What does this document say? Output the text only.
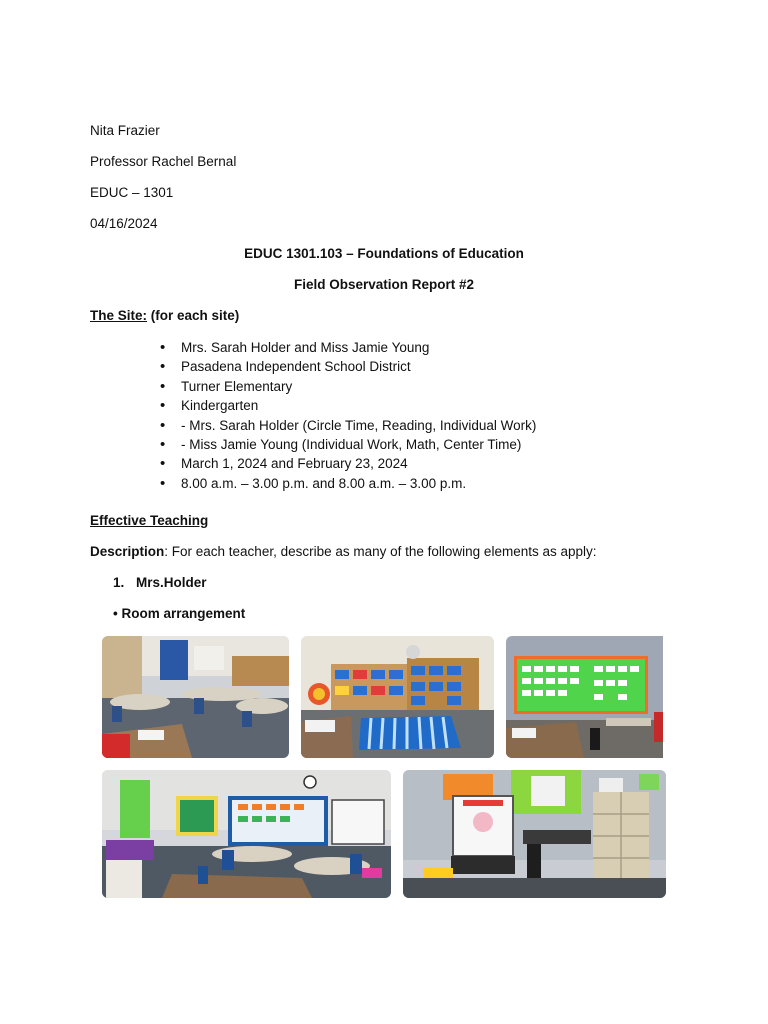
Nita Frazier
Professor Rachel Bernal
EDUC – 1301
04/16/2024
EDUC 1301.103 – Foundations of Education
Field Observation Report #2
The Site: (for each site)
• Mrs. Sarah Holder and Miss Jamie Young
• Pasadena Independent School District
• Turner Elementary
• Kindergarten
• - Mrs. Sarah Holder (Circle Time, Reading, Individual Work)
• - Miss Jamie Young (Individual Work, Math, Center Time)
• March 1, 2024 and February 23, 2024
• 8.00 a.m. – 3.00 p.m. and 8.00 a.m. – 3.00 p.m.
Effective Teaching
Description: For each teacher, describe as many of the following elements as apply:
1. Mrs.Holder
• Room arrangement
